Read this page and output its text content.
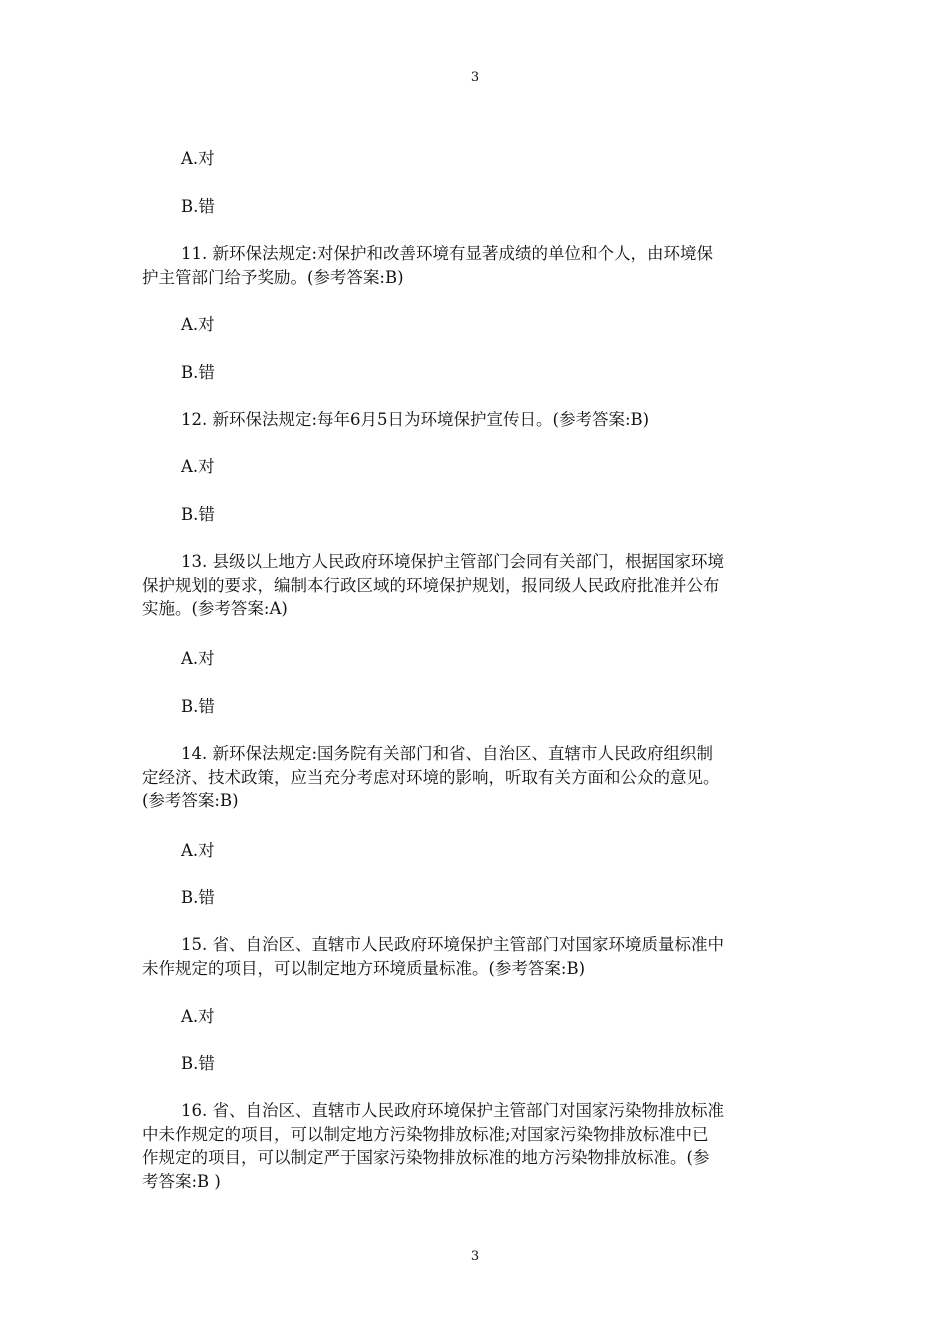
3
A.对
B.错
11. 新环保法规定:对保护和改善环境有显著成绩的单位和个人，由环境保
护主管部门给予奖励。(参考答案:B)
A.对
B.错
12. 新环保法规定:每年6月5日为环境保护宣传日。(参考答案:B)
A.对
B.错
13. 县级以上地方人民政府环境保护主管部门会同有关部门，根据国家环境
保护规划的要求，编制本行政区域的环境保护规划，报同级人民政府批准并公布
实施。(参考答案:A)
A.对
B.错
14. 新环保法规定:国务院有关部门和省、自治区、直辖市人民政府组织制
定经济、技术政策，应当充分考虑对环境的影响，听取有关方面和公众的意见。
(参考答案:B)
A.对
B.错
15. 省、自治区、直辖市人民政府环境保护主管部门对国家环境质量标准中
未作规定的项目，可以制定地方环境质量标准。(参考答案:B)
A.对
B.错
16. 省、自治区、直辖市人民政府环境保护主管部门对国家污染物排放标准
中未作规定的项目，可以制定地方污染物排放标准;对国家污染物排放标准中已
作规定的项目，可以制定严于国家污染物排放标准的地方污染物排放标准。(参
考答案:B )
3
